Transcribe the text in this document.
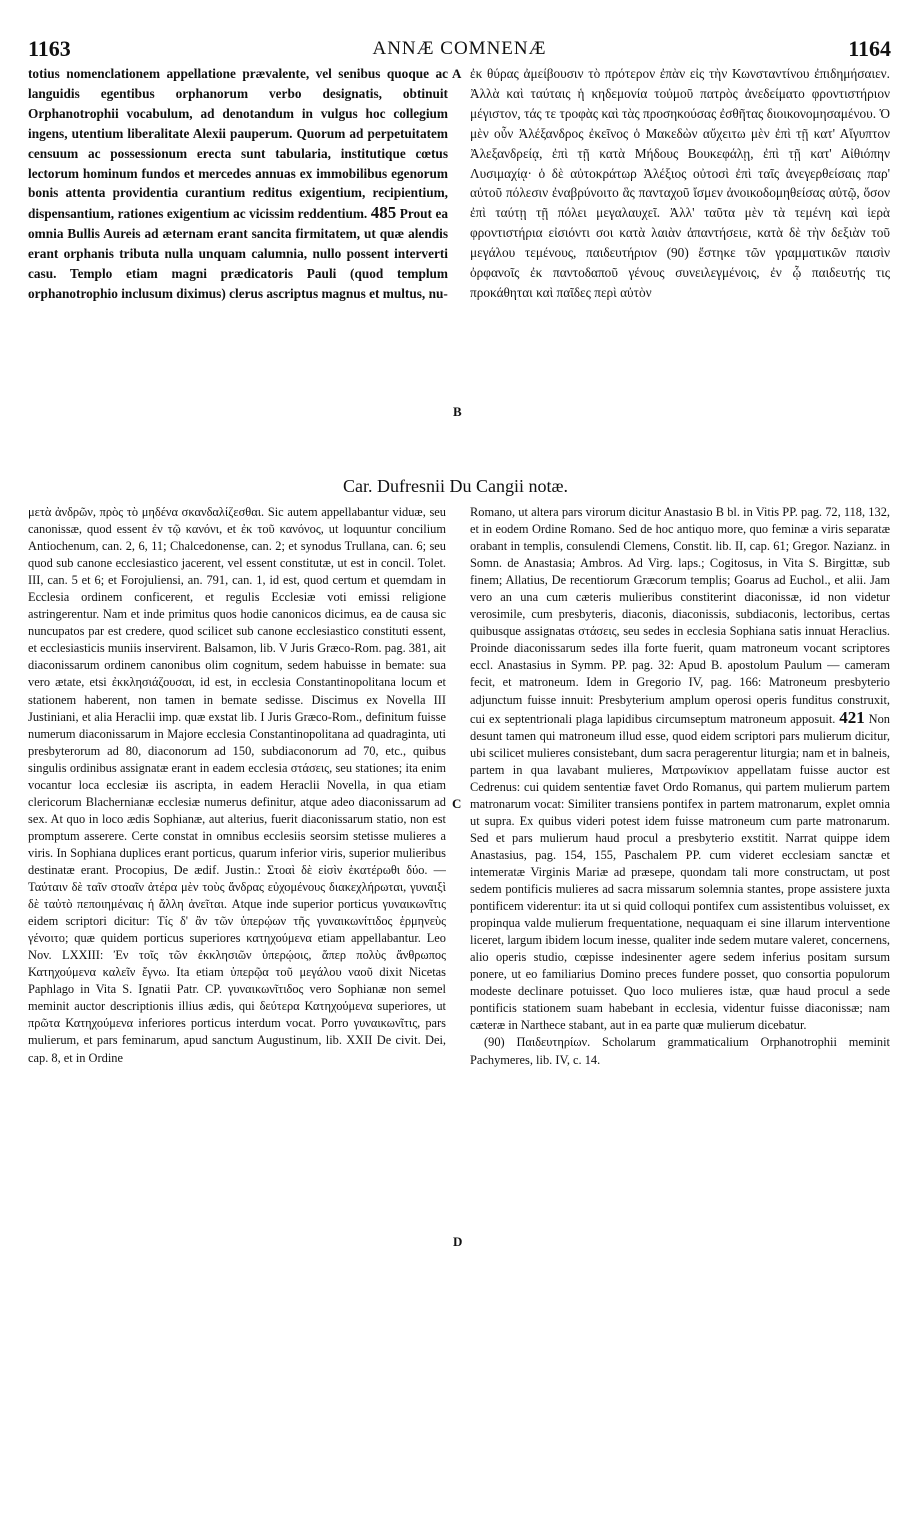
1163	ANNÆ COMNENÆ	1164

totius nomenclationem appellatione prævalente, vel senibus quoque ac languidis egentibus orphanorum verbo designatis, obtinuit Orphanotrophii vocabulum, ad denotandum in vulgus hoc collegium ingens, utentium liberalitate Alexii pauperum. Quorum ad perpetuitatem censuum ac possessionum erecta sunt tabularia, institutique cœtus lectorum hominum fundos et mercedes annuas ex immobilibus egenorum bonis attenta providentia curantium reditus exigentium, recipientium, dispensantium, rationes exigentium ac vicissim reddentium. 485 Prout ea omnia Bullis Aureis ad æternam erant sancita firmitatem, ut quæ alendis erant orphanis tributa nulla unquam calumnia, nullo possent interverti casu. Templo etiam magni prædicatoris Pauli (quod templum orphanotrophio inclusum diximus) clerus ascriptus magnus et multus, nu-

A
B

ἐκ θύρας ἀμείβουσιν τὸ πρότερον ἐπὰν εἰς τὴν Κωνσταντίνου ἐπιδημήσαιεν. Ἀλλὰ καὶ ταύταις ἡ κηδεμονία τοὐμοῦ πατρὸς ἀνεδείματο φροντιστήριον μέγιστον, τάς τε τροφὰς καὶ τὰς προσηκούσας ἐσθῆτας διοικονομησαμένου. Ὁ μὲν οὖν Ἀλέξανδρος ἐκεῖνος ὁ Μακεδὼν αὔχειτω μὲν ἐπὶ τῇ κατ' Αἴγυπτον Ἀλεξανδρείᾳ, ἐπὶ τῇ κατὰ Μήδους Βουκεφάλῃ, ἐπὶ τῇ κατ' Αἰθιόπην Λυσιμαχίᾳ· ὁ δὲ αὐτοκράτωρ Ἀλέξιος οὐτοσὶ ἐπὶ ταῖς ἀνεγερθείσαις παρ' αὐτοῦ πόλεσιν ἐναβρύνοιτο ἃς πανταχοῦ ἴσμεν ἀνοικοδομηθείσας αὐτῷ, ὅσον ἐπὶ ταύτῃ τῇ πόλει μεγαλαυχεῖ. Ἀλλ' ταῦτα μὲν τὰ τεμένη καὶ ἱερὰ φροντιστήρια εἰσιόντι σοι κατὰ λαιὰν ἀπαντήσειε, κατὰ δὲ τὴν δεξιὰν τοῦ μεγάλου τεμένους, παιδευτήριον (90) ἔστηκε τῶν γραμματικῶν παισὶν ὀρφανοῖς ἐκ παντοδαποῦ γένους συνειλεγμένοις, ἐν ᾧ παιδευτής τις προκάθηται καὶ παῖδες περὶ αὐτὸν

Car. Dufresnii Du Cangii notæ.

μετὰ ἀνδρῶν, πρὸς τὸ μηδένα σκανδαλίζεσθαι. Sic autem appellabantur viduæ, seu canonissæ, quod essent ἐν τῷ κανόνι, et ἐκ τοῦ κανόνος, ut loquuntur concilium Antiochenum, can. 2, 6, 11; Chalcedonense, can. 2; et synodus Trullana, can. 6; seu quod sub canone ecclesiastico jacerent, vel essent constitutæ, ut est in concil. Tolet. III, can. 5 et 6; et Forojuliensi, an. 791, can. 1, id est, quod certum et quemdam in Ecclesia ordinem conficerent, et regulis Ecclesiæ voti emissi religione astringerentur. Nam et inde primitus quos hodie canonicos dicimus, ea de causa sic nuncupatos par est credere, quod scilicet sub canone ecclesiastico constituti essent, et ecclesiasticis muniis inservirent. Balsamon, lib. V Juris Græco-Rom. pag. 381, ait diaconissarum ordinem canonibus olim cognitum, sedem habuisse in bemate: sua vero ætate, etsi ἐκκλησιάζουσαι, id est, in ecclesia Constantinopolitana locum et stationem haberent, non tamen in bemate sedisse. Discimus ex Novella III Justiniani, et alia Heraclii imp. quæ exstat lib. I Juris Græco-Rom., definitum fuisse numerum diaconissarum in Majore ecclesia Constantinopolitana ad quadraginta, uti presbyterorum ad 80, diaconorum ad 150, subdiaconorum ad 70, etc., quibus singulis ordinibus assignatæ erant in eadem ecclesia στάσεις, seu stationes; ita enim vocantur loca ecclesiæ iis ascripta, in eadem Heraclii Novella, in qua etiam clericorum Blachernianæ ecclesiæ numerus definitur, atque adeo diaconissarum ad sex. At quo in loco ædis Sophianæ, aut alterius, fuerit diaconissarum statio, non est promptum asserere. Certe constat in omnibus ecclesiis seorsim stetisse mulieres a viris. In Sophiana duplices erant porticus, quarum inferior viris, superior mulieribus destinatæ erant. Procopius, De ædif. Justin.: Στοαὶ δὲ εἰσὶν ἑκατέρωθι δύο. — Ταύταιν δὲ ταῖν στοαῖν ἀτέρα μὲν τοὺς ἄνδρας εὐχομένους διακεχλήρωται, γυναιξὶ δὲ ταὐτὸ πεποιημέναις ἡ ἄλλη ἀνεῖται. Atque inde superior porticus γυναικωνῖτις eidem scriptori dicitur: Τίς δ' ἂν τῶν ὑπερῴων τῆς γυναικωνίτιδος ἑρμηνεὺς γένοιτο; quæ quidem porticus superiores κατηχούμενα etiam appellabantur. Leo Nov. LXXIII: Ἐν τοῖς τῶν ἐκκλησιῶν ὑπερῴοις, ἅπερ πολὺς ἄνθρωπος Κατηχούμενα καλεῖν ἔγνω. Ita etiam ὑπερῷα τοῦ μεγάλου ναοῦ dixit Nicetas Paphlago in Vita S. Ignatii Patr. CP. γυναικωνῖτιδος vero Sophianæ non semel meminit auctor descriptionis illius ædis, qui δεύτερα Κατηχούμενα superiores, ut πρῶτα Κατηχούμενα inferiores porticus interdum vocat. Porro γυναικωνῖτις, pars mulierum, et pars feminarum, apud sanctum Augustinum, lib. XXII De civit. Dei, cap. 8, et in Ordine

C
D

Romano, ut altera pars virorum dicitur Anastasio B bl. in Vitis PP. pag. 72, 118, 132, et in eodem Ordine Romano. Sed de hoc antiquo more, quo feminæ a viris separatæ orabant in templis, consulendi Clemens, Constit. lib. II, cap. 61; Gregor. Nazianz. in Somn. de Anastasia; Ambros. Ad Virg. laps.; Cogitosus, in Vita S. Birgittæ, sub finem; Allatius, De recentiorum Græcorum templis; Goarus ad Euchol., et alii. Jam vero an una cum cæteris mulieribus constiterint diaconissæ, id non videtur verosimile, cum presbyteris, diaconis, diaconissis, subdiaconis, lectoribus, certas quibusque assignatas στάσεις, seu sedes in ecclesia Sophiana satis innuat Heraclius. Proinde diaconissarum sedes illa forte fuerit, quam matroneum vocant scriptores eccl. Anastasius in Symm. PP. pag. 32: Apud B. apostolum Paulum — cameram fecit, et matroneum. Idem in Gregorio IV, pag. 166: Matroneum presbyterio adjunctum fuisse innuit: Presbyterium amplum operosi operis funditus construxit, cui ex septentrionali plaga lapidibus circumseptum matroneum apposuit. 421 Non desunt tamen qui matroneum illud esse, quod eidem scriptori pars mulierum dicitur, ubi scilicet mulieres consistebant, dum sacra peragerentur liturgia; nam et in balneis, partem in qua lavabant mulieres, Ματρωνίκιον appellatam fuisse auctor est Cedrenus: cui quidem sententiæ favet Ordo Romanus, qui partem mulierum partem matronarum vocat: Similiter transiens pontifex in partem matronarum, explet omnia ut supra. Ex quibus videri potest idem fuisse matroneum cum parte matronarum. Sed et pars mulierum haud procul a presbyterio exstitit. Narrat quippe idem Anastasius, pag. 154, 155, Paschalem PP. cum videret ecclesiam sanctæ et intemeratæ Virginis Mariæ ad præsepe, quondam tali more constructam, ut post sedem pontificis mulieres ad sacra missarum solemnia stantes, prope assistere juxta pontificem viderentur: ita ut si quid colloqui pontifex cum assistentibus voluisset, ex propinqua valde mulierum frequentatione, nequaquam ei sine illarum interventione liceret, largum ibidem locum inesse, qualiter inde sedem mutare valeret, concernens, alio operis studio, cœpisse indesinenter agere sedem inferius positam sursum ponere, ut eo familiarius Domino preces fundere posset, quo consortia populorum modeste declinare potuisset. Quo loco mulieres istæ, quæ haud procul a sede pontificis stationem suam habebant in ecclesia, videntur fuisse diaconissæ; nam cæteræ in Narthece stabant, aut in ea parte quæ mulierum dicebatur.

(90) Παιδευτηρίων. Scholarum grammaticalium Orphanotrophii meminit Pachymeres, lib. IV, c. 14.
